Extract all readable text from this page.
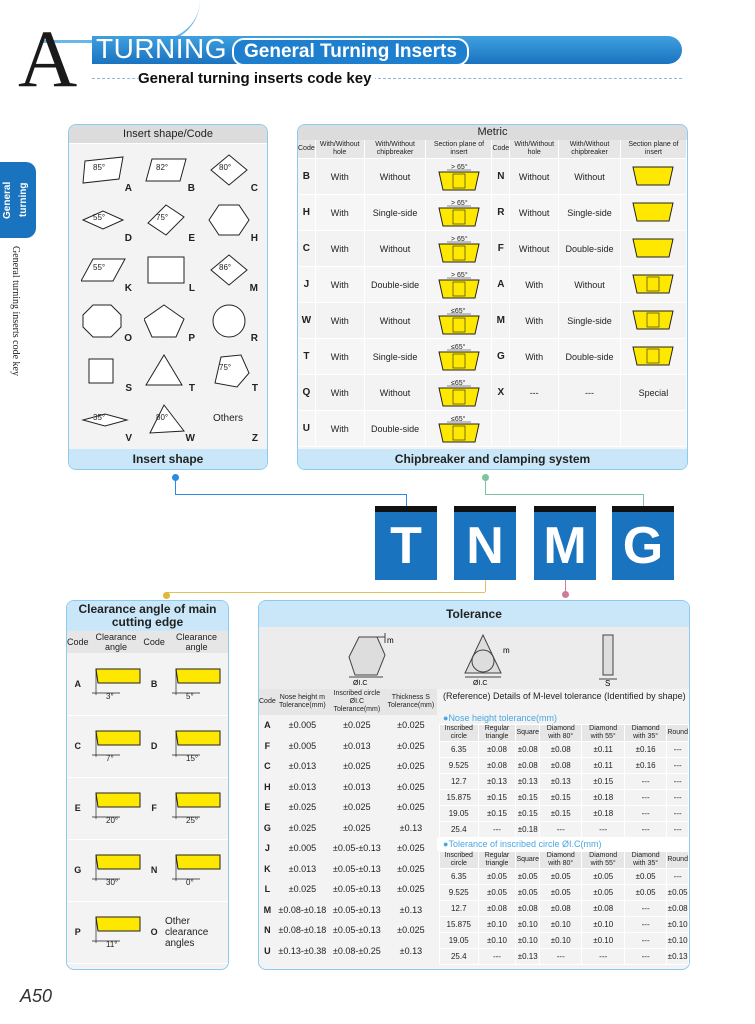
A TURNING General Turning Inserts
General turning inserts code key
General turning
General turning inserts code key
Insert shape/Code
85°
A
82°
B
80°
C
55°
D
75°
E	H
55°
K	L
86°
M
O	P	R
S	T
75°
T
35°
V
80°
W
Others
Z
Insert shape
Metric
Code	With/Without hole	With/Without chipbreaker	Section plane of insert	Code	With/Without hole	With/Without chipbreaker	Section plane of insert
B	With	Without	> 65°	N	Without	Without	
H	With	Single-side	> 65°	R	Without	Single-side	
C	With	Without	> 65°	F	Without	Double-side	
J	With	Double-side	> 65°	A	With	Without	
W	With	Without	≤65°	M	With	Single-side	
T	With	Single-side	≤65°	G	With	Double-side	
Q	With	Without	≤65°	X	---	---	Special
U	With	Double-side	≤65°				

Chipbreaker and clamping system
T N M G
Clearance angle of main cutting edge
Code	Clearance angle	Code	Clearance angle
A	3°	B	5°

C	7°	D	15°

E	20°	F	25°

G	30°	N	0°

P	11°	O	Other clearance angles
Tolerance
m
ØI.C
m
ØI.C	S
Code	Nose height m Tolerance(mm)	Inscribed circle ØI.C Tolerance(mm)	Thickness S Tolerance(mm)
A	±0.005	±0.025	±0.025
F	±0.005	±0.013	±0.025
C	±0.013	±0.025	±0.025
H	±0.013	±0.013	±0.025
E	±0.025	±0.025	±0.025
G	±0.025	±0.025	±0.13
J	±0.005	±0.05-±0.13	±0.025
K	±0.013	±0.05-±0.13	±0.025
L	±0.025	±0.05-±0.13	±0.025
M	±0.08-±0.18	±0.05-±0.13	±0.13
N	±0.08-±0.18	±0.05-±0.13	±0.025
U	±0.13-±0.38	±0.08-±0.25	±0.13
(Reference) Details of M-level tolerance (Identified by shape)
●Nose height tolerance(mm)
Inscribed circle	Regular triangle	Square	Diamond with 80°	Diamond with 55°	Diamond with 35°	Round
6.35	±0.08	±0.08	±0.08	±0.11	±0.16	---
9.525	±0.08	±0.08	±0.08	±0.11	±0.16	---
12.7	±0.13	±0.13	±0.13	±0.15	---	---
15.875	±0.15	±0.15	±0.15	±0.18	---	---
19.05	±0.15	±0.15	±0.15	±0.18	---	---
25.4	---	±0.18	---	---	---	---
●Tolerance of inscribed circle ØI.C(mm)
Inscribed circle	Regular triangle	Square	Diamond with 80°	Diamond with 55°	Diamond with 35°	Round
6.35	±0.05	±0.05	±0.05	±0.05	±0.05	---
9.525	±0.05	±0.05	±0.05	±0.05	±0.05	±0.05
12.7	±0.08	±0.08	±0.08	±0.08	---	±0.08
15.875	±0.10	±0.10	±0.10	±0.10	---	±0.10
19.05	±0.10	±0.10	±0.10	±0.10	---	±0.10
25.4	---	±0.13	---	---	---	±0.13
A50
